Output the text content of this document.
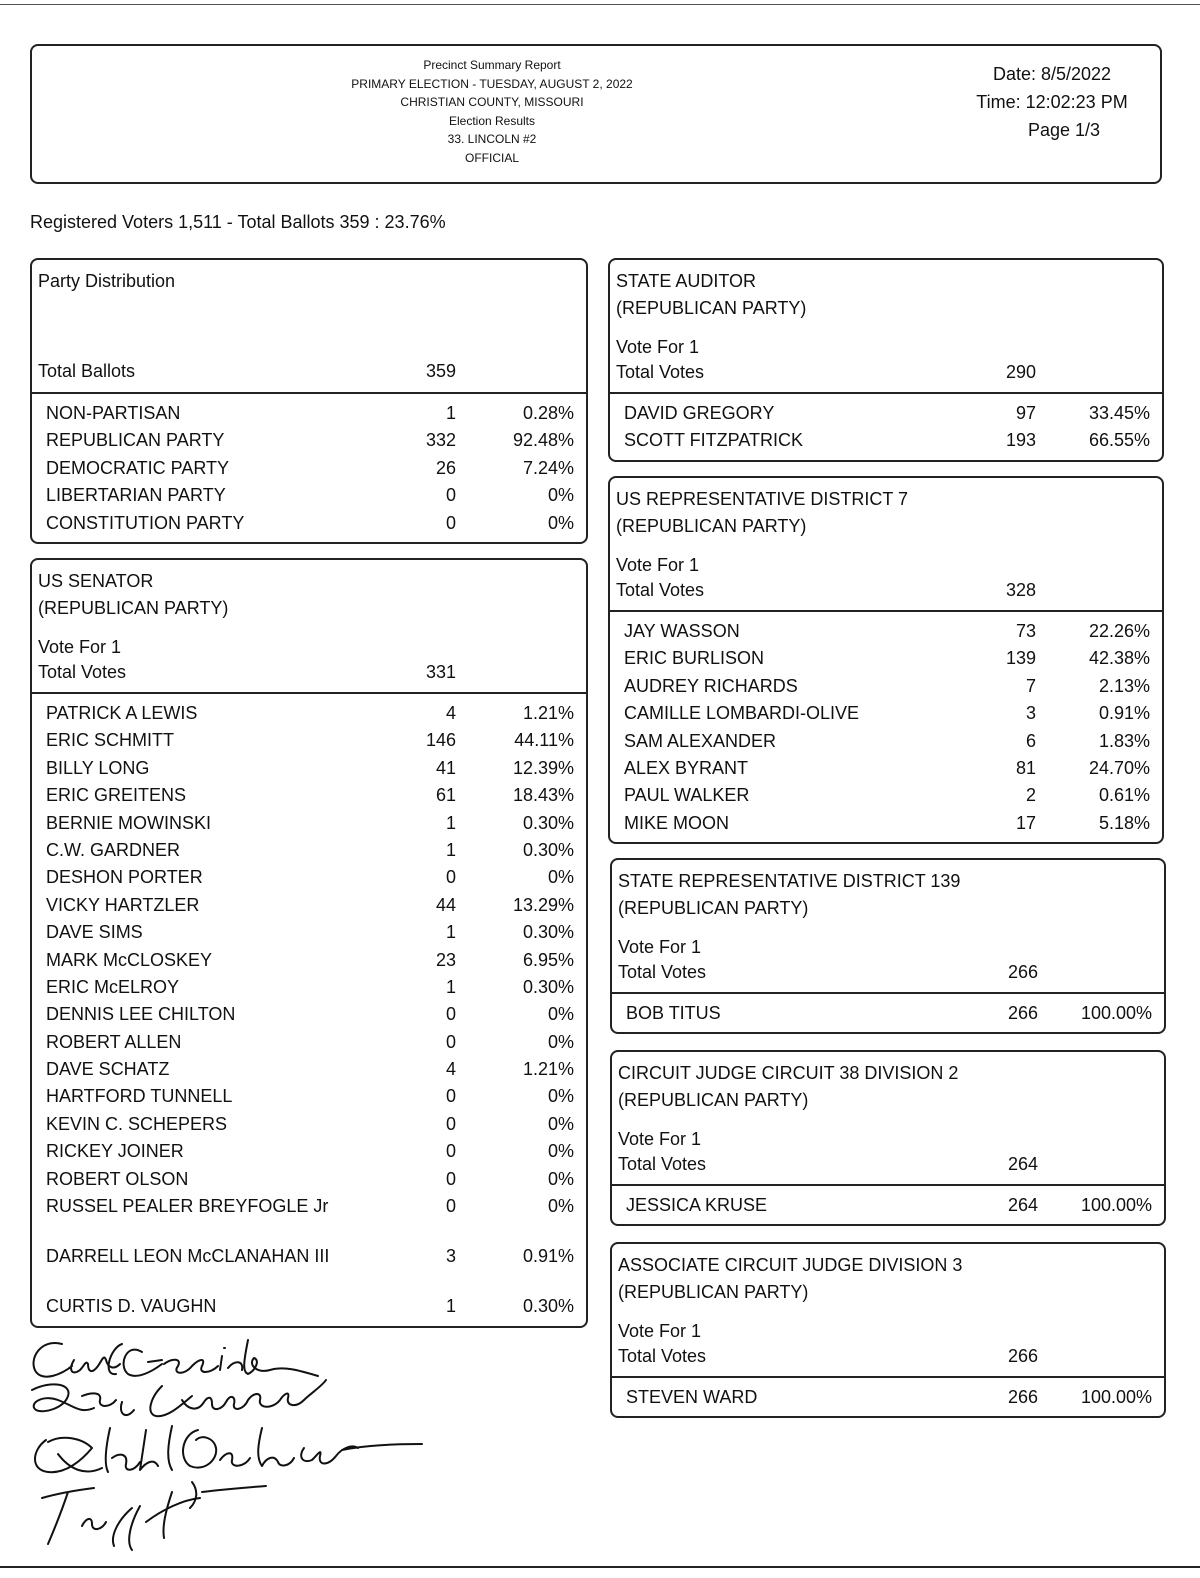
Precinct Summary Report
PRIMARY ELECTION - TUESDAY, AUGUST 2, 2022
CHRISTIAN COUNTY, MISSOURI
Election Results
33. LINCOLN #2
OFFICIAL
Date: 8/5/2022
Time: 12:02:23 PM
Page 1/3
Registered Voters 1,511 - Total Ballots 359 : 23.76%
Party Distribution
Total Ballots	359
NON-PARTISAN	1	0.28%
REPUBLICAN PARTY	332	92.48%
DEMOCRATIC PARTY	26	7.24%
LIBERTARIAN PARTY	0	0%
CONSTITUTION PARTY	0	0%
US SENATOR
(REPUBLICAN PARTY)
Vote For 1
Total Votes	331
PATRICK A LEWIS	4	1.21%
ERIC SCHMITT	146	44.11%
BILLY LONG	41	12.39%
ERIC GREITENS	61	18.43%
BERNIE MOWINSKI	1	0.30%
C.W. GARDNER	1	0.30%
DESHON PORTER	0	0%
VICKY HARTZLER	44	13.29%
DAVE SIMS	1	0.30%
MARK McCLOSKEY	23	6.95%
ERIC McELROY	1	0.30%
DENNIS LEE CHILTON	0	0%
ROBERT ALLEN	0	0%
DAVE SCHATZ	4	1.21%
HARTFORD TUNNELL	0	0%
KEVIN C. SCHEPERS	0	0%
RICKEY JOINER	0	0%
ROBERT OLSON	0	0%
RUSSEL PEALER BREYFOGLE Jr	0	0%
DARRELL LEON McCLANAHAN III	3	0.91%
CURTIS D. VAUGHN	1	0.30%
STATE AUDITOR
(REPUBLICAN PARTY)
Vote For 1
Total Votes	290
DAVID GREGORY	97	33.45%
SCOTT FITZPATRICK	193	66.55%
US REPRESENTATIVE DISTRICT 7
(REPUBLICAN PARTY)
Vote For 1
Total Votes	328
JAY WASSON	73	22.26%
ERIC BURLISON	139	42.38%
AUDREY RICHARDS	7	2.13%
CAMILLE LOMBARDI-OLIVE	3	0.91%
SAM ALEXANDER	6	1.83%
ALEX BYRANT	81	24.70%
PAUL WALKER	2	0.61%
MIKE MOON	17	5.18%
STATE REPRESENTATIVE DISTRICT 139
(REPUBLICAN PARTY)
Vote For 1
Total Votes	266
BOB TITUS	266	100.00%
CIRCUIT JUDGE CIRCUIT 38 DIVISION 2
(REPUBLICAN PARTY)
Vote For 1
Total Votes	264
JESSICA KRUSE	264	100.00%
ASSOCIATE CIRCUIT JUDGE DIVISION 3
(REPUBLICAN PARTY)
Vote For 1
Total Votes	266
STEVEN WARD	266	100.00%
